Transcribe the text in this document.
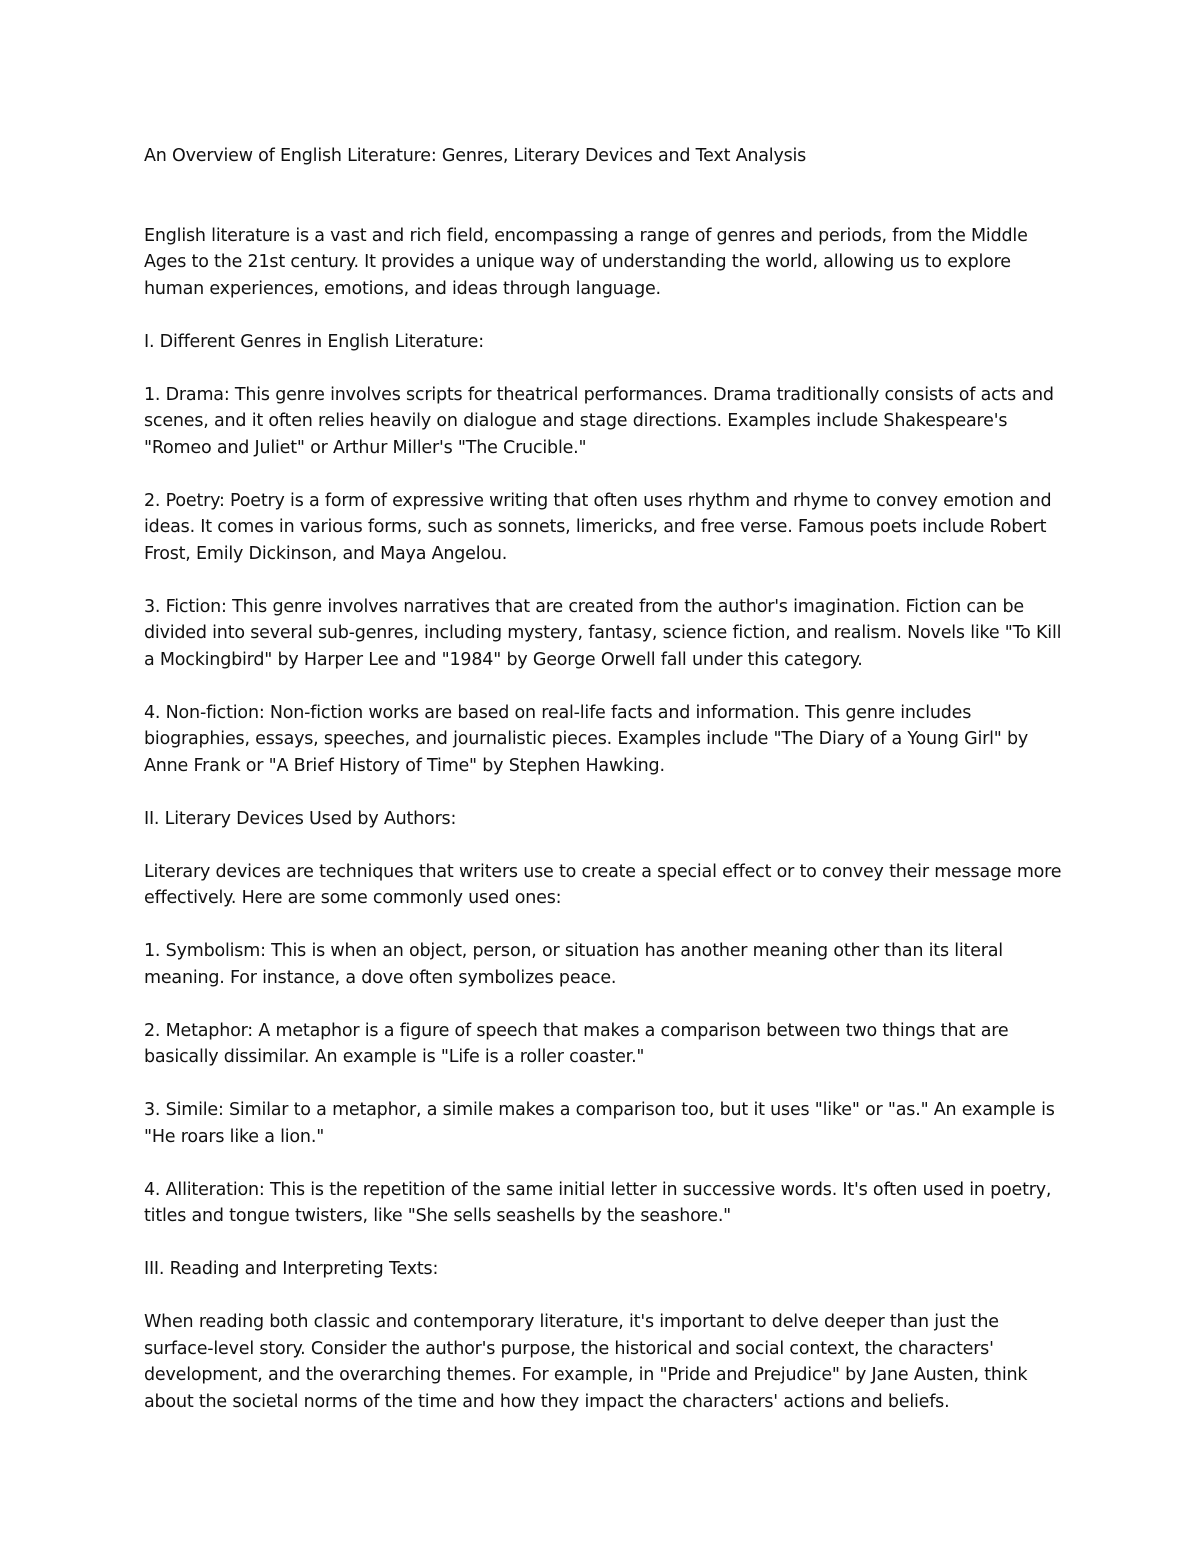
An Overview of English Literature: Genres, Literary Devices and Text Analysis

English literature is a vast and rich field, encompassing a range of genres and periods, from the Middle Ages to the 21st century. It provides a unique way of understanding the world, allowing us to explore human experiences, emotions, and ideas through language.

I. Different Genres in English Literature:

1. Drama: This genre involves scripts for theatrical performances. Drama traditionally consists of acts and scenes, and it often relies heavily on dialogue and stage directions. Examples include Shakespeare's "Romeo and Juliet" or Arthur Miller's "The Crucible."

2. Poetry: Poetry is a form of expressive writing that often uses rhythm and rhyme to convey emotion and ideas. It comes in various forms, such as sonnets, limericks, and free verse. Famous poets include Robert Frost, Emily Dickinson, and Maya Angelou.

3. Fiction: This genre involves narratives that are created from the author's imagination. Fiction can be divided into several sub-genres, including mystery, fantasy, science fiction, and realism. Novels like "To Kill a Mockingbird" by Harper Lee and "1984" by George Orwell fall under this category.

4. Non-fiction: Non-fiction works are based on real-life facts and information. This genre includes biographies, essays, speeches, and journalistic pieces. Examples include "The Diary of a Young Girl" by Anne Frank or "A Brief History of Time" by Stephen Hawking.

II. Literary Devices Used by Authors:

Literary devices are techniques that writers use to create a special effect or to convey their message more effectively. Here are some commonly used ones:

1. Symbolism: This is when an object, person, or situation has another meaning other than its literal meaning. For instance, a dove often symbolizes peace.

2. Metaphor: A metaphor is a figure of speech that makes a comparison between two things that are basically dissimilar. An example is "Life is a roller coaster."

3. Simile: Similar to a metaphor, a simile makes a comparison too, but it uses "like" or "as." An example is "He roars like a lion."

4. Alliteration: This is the repetition of the same initial letter in successive words. It's often used in poetry, titles and tongue twisters, like "She sells seashells by the seashore."

III. Reading and Interpreting Texts:

When reading both classic and contemporary literature, it's important to delve deeper than just the surface-level story. Consider the author's purpose, the historical and social context, the characters' development, and the overarching themes. For example, in "Pride and Prejudice" by Jane Austen, think about the societal norms of the time and how they impact the characters' actions and beliefs.
